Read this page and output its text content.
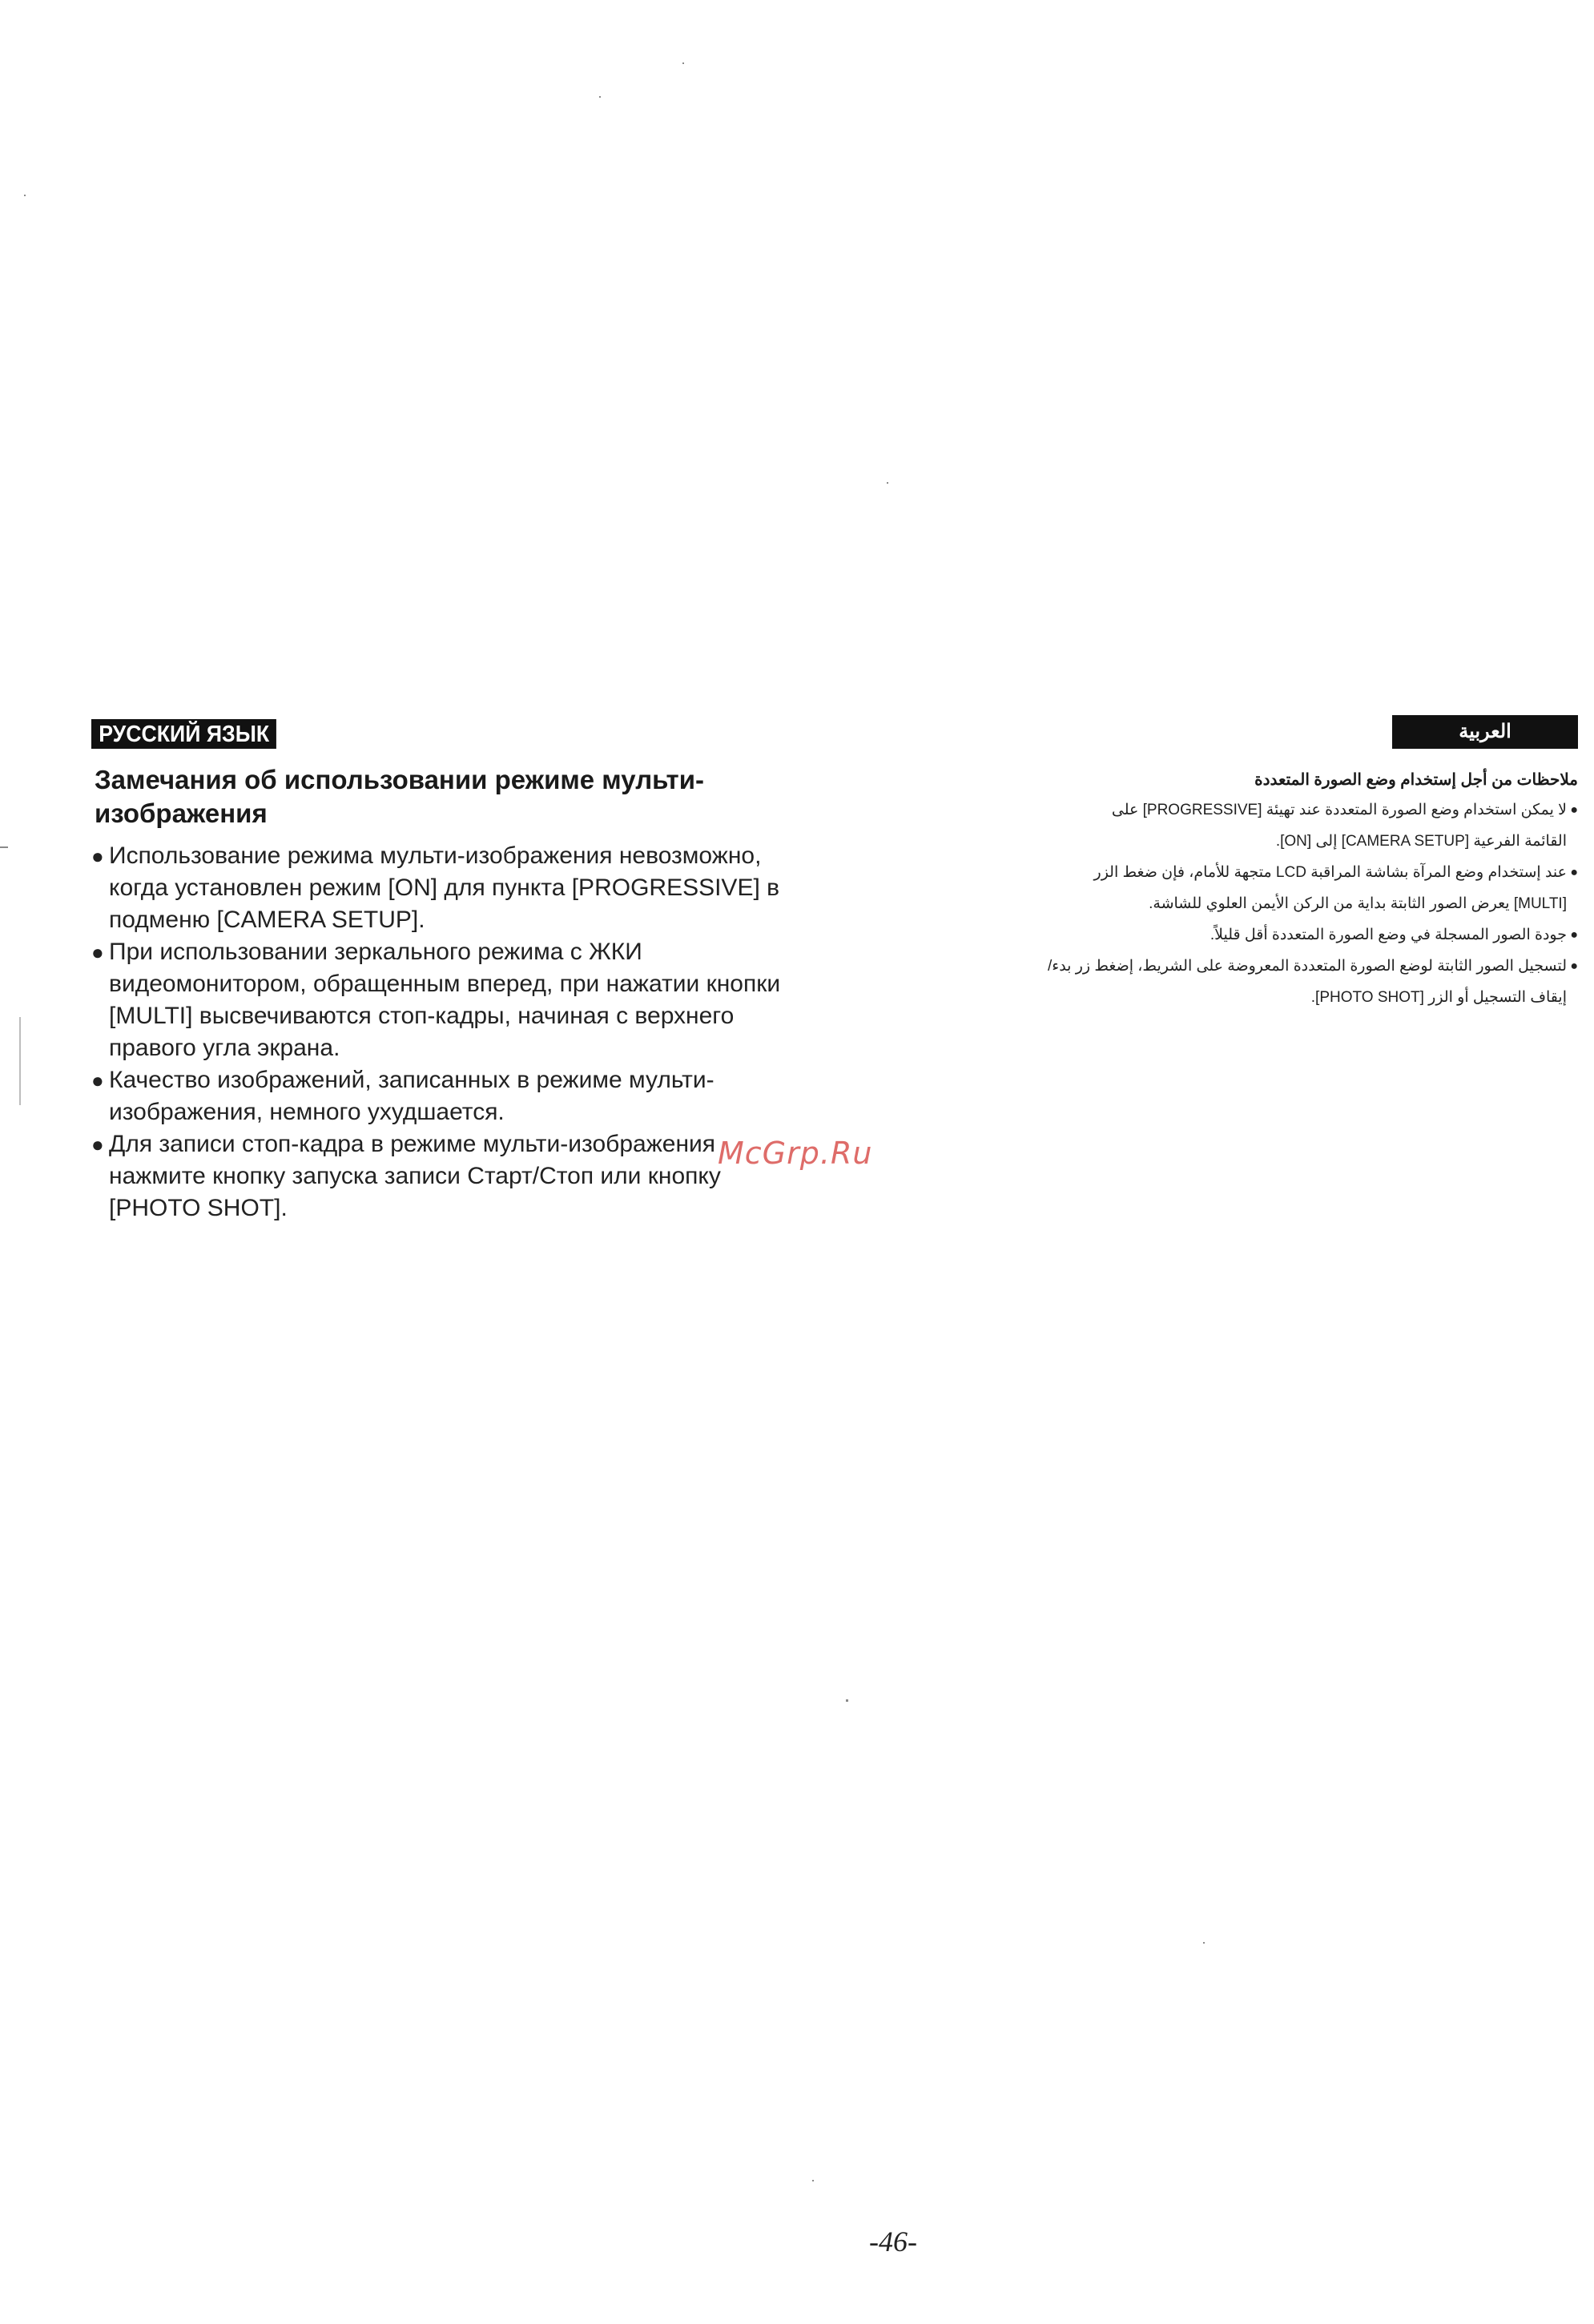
РУССКИЙ ЯЗЫК
Замечания об использовании режиме мульти-
изображения
● Использование режима мульти-изображения невозможно,
когда установлен режим [ON] для пункта [PROGRESSIVE] в
подменю [CAMERA SETUP].
● При использовании зеркального режима с ЖКИ
видеомонитором, обращенным вперед, при нажатии кнопки
[MULTI] высвечиваются стоп-кадры, начиная с верхнего
правого угла экрана.
● Качество изображений, записанных в режиме мульти-
изображения, немного ухудшается.
● Для записи стоп-кадра в режиме мульти-изображения
нажмите кнопку запуска записи Старт/Стоп или кнопку
[PHOTO SHOT].
العربية
ملاحظات من أجل إستخدام وضع الصورة المتعددة
●
لا يمكن استخدام وضع الصورة المتعددة عند تهيئة [PROGRESSIVE] على
القائمة الفرعية [CAMERA SETUP] إلى [ON].
●
عند إستخدام وضع المرآة بشاشة المراقبة LCD متجهة للأمام، فإن ضغط الزر
[MULTI] يعرض الصور الثابتة بداية من الركن الأيمن العلوي للشاشة.
●
جودة الصور المسجلة في وضع الصورة المتعددة أقل قليلاً.
●
لتسجيل الصور الثابتة لوضع الصورة المتعددة المعروضة على الشريط، إضغط زر بدء/
إيقاف التسجيل أو الزر [PHOTO SHOT].
McGrp.Ru
-46-
